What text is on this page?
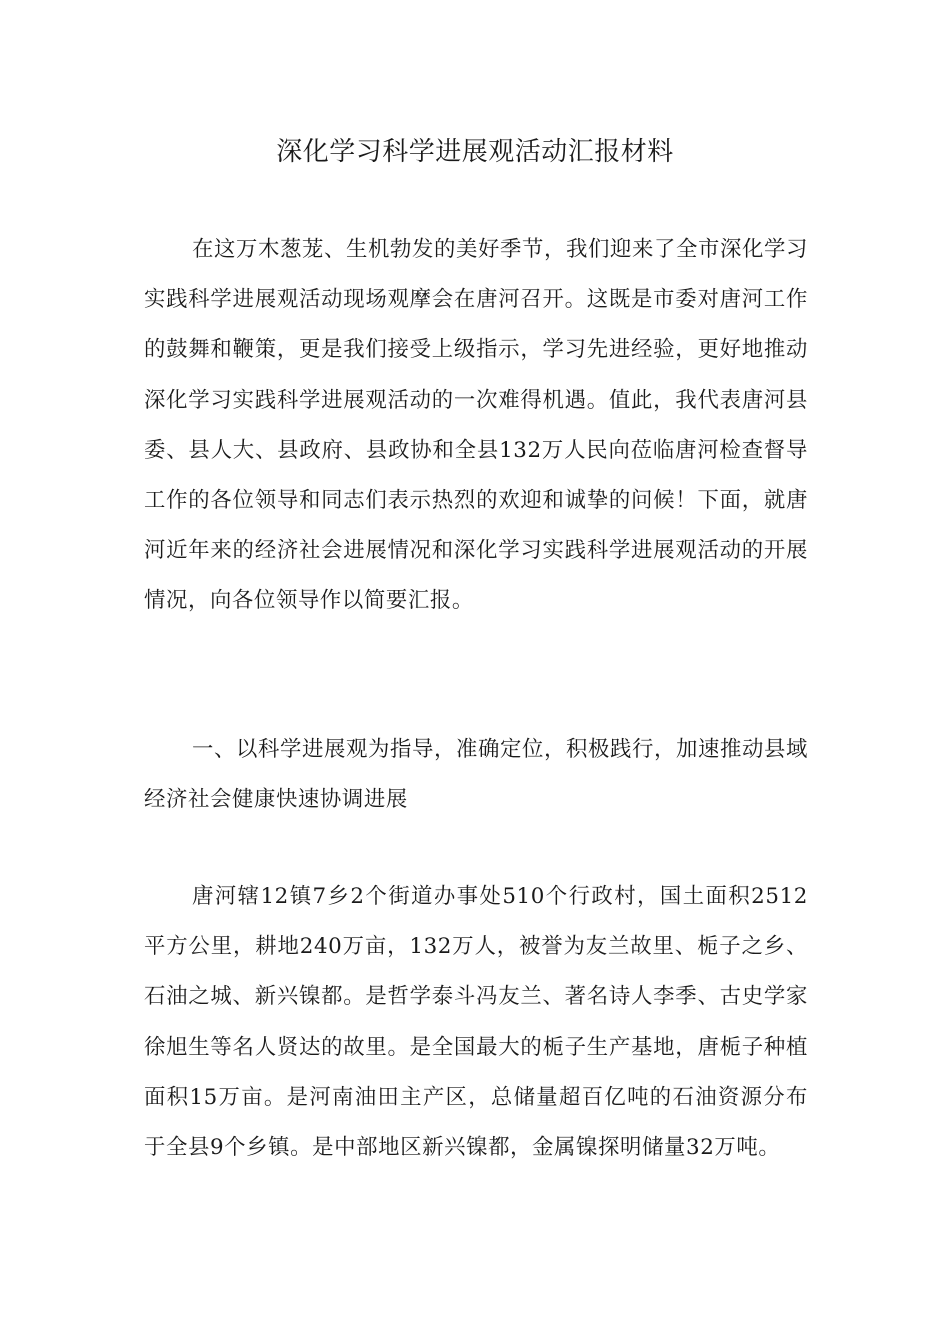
深化学习科学进展观活动汇报材料

在这万木葱茏、生机勃发的美好季节，我们迎来了全市深化学习实践科学进展观活动现场观摩会在唐河召开。这既是市委对唐河工作的鼓舞和鞭策，更是我们接受上级指示，学习先进经验，更好地推动深化学习实践科学进展观活动的一次难得机遇。值此，我代表唐河县委、县人大、县政府、县政协和全县132万人民向莅临唐河检查督导工作的各位领导和同志们表示热烈的欢迎和诚挚的问候！下面，就唐河近年来的经济社会进展情况和深化学习实践科学进展观活动的开展情况，向各位领导作以简要汇报。

一、以科学进展观为指导，准确定位，积极践行，加速推动县域经济社会健康快速协调进展

唐河辖12镇7乡2个街道办事处510个行政村，国土面积2512平方公里，耕地240万亩，132万人，被誉为友兰故里、栀子之乡、石油之城、新兴镍都。是哲学泰斗冯友兰、著名诗人李季、古史学家徐旭生等名人贤达的故里。是全国最大的栀子生产基地，唐栀子种植面积15万亩。是河南油田主产区，总储量超百亿吨的石油资源分布于全县9个乡镇。是中部地区新兴镍都，金属镍探明储量32万吨。
